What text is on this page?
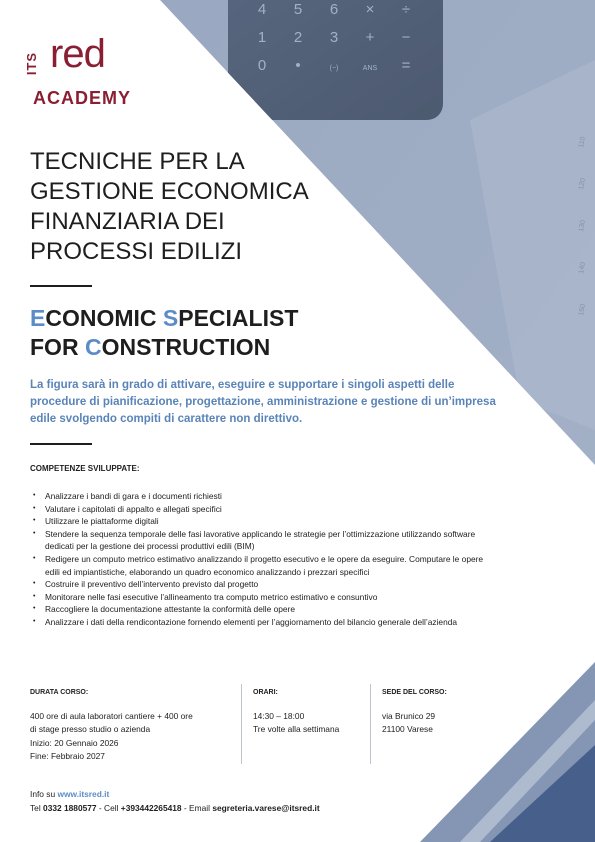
ITS red
ACADEMY
TECNICHE PER LA
GESTIONE ECONOMICA
FINANZIARIA DEI
PROCESSI EDILIZI
ECONOMIC SPECIALIST
FOR CONSTRUCTION

La figura sarà in grado di attivare, eseguire e supportare i singoli aspetti delle procedure di pianificazione, progettazione, amministrazione e gestione di un’impresa edile svolgendo compiti di carattere non direttivo.

COMPETENZE SVILUPPATE:
• Analizzare i bandi di gara e i documenti richiesti
• Valutare i capitolati di appalto e allegati specifici
• Utilizzare le piattaforme digitali
• Stendere la sequenza temporale delle fasi lavorative applicando le strategie per l’ottimizzazione utilizzando software dedicati per la gestione dei processi produttivi edili (BIM)
• Redigere un computo metrico estimativo analizzando il progetto esecutivo e le opere da eseguire. Computare le opere edili ed impiantistiche, elaborando un quadro economico analizzando i prezzari specifici
• Costruire il preventivo dell’intervento previsto dal progetto
• Monitorare nelle fasi esecutive l’allineamento tra computo metrico estimativo e consuntivo
• Raccogliere la documentazione attestante la conformità delle opere
• Analizzare i dati della rendicontazione fornendo elementi per l’aggiornamento del bilancio generale dell’azienda
DURATA CORSO:
400 ore di aula laboratori cantiere + 400 ore
di stage presso studio o azienda
Inizio: 20 Gennaio 2026
Fine: Febbraio 2027
ORARI:
14:30 – 18:00
Tre volte alla settimana
SEDE DEL CORSO:
via Brunico 29
21100 Varese
Info su www.itsred.it
Tel 0332 1880577 - Cell +393442265418 - Email segreteria.varese@itsred.it
